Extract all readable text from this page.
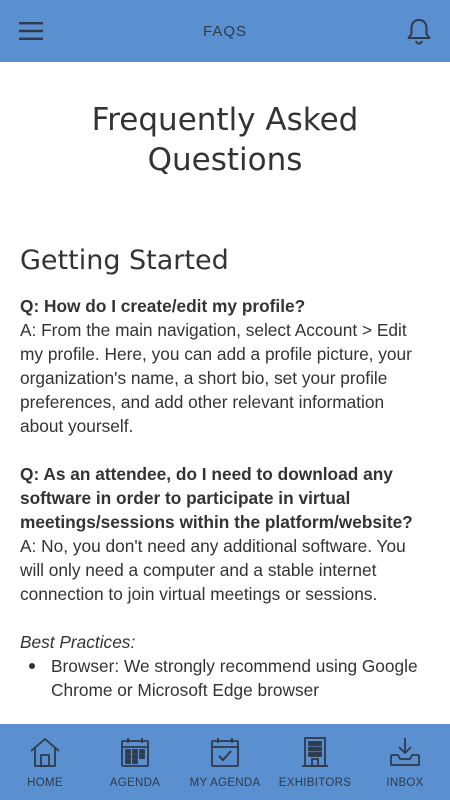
FAQS
Frequently Asked Questions
Getting Started
Q: How do I create/edit my profile?
A: From the main navigation, select Account > Edit my profile. Here, you can add a profile picture, your organization's name, a short bio, set your profile preferences, and add other relevant information about yourself.
Q: As an attendee, do I need to download any software in order to participate in virtual meetings/sessions within the platform/website?
A: No, you don't need any additional software. You will only need a computer and a stable internet connection to join virtual meetings or sessions.
Best Practices:
Browser: We strongly recommend using Google Chrome or Microsoft Edge browser
HOME	AGENDA	MY AGENDA EXHIBITORS	INBOX
